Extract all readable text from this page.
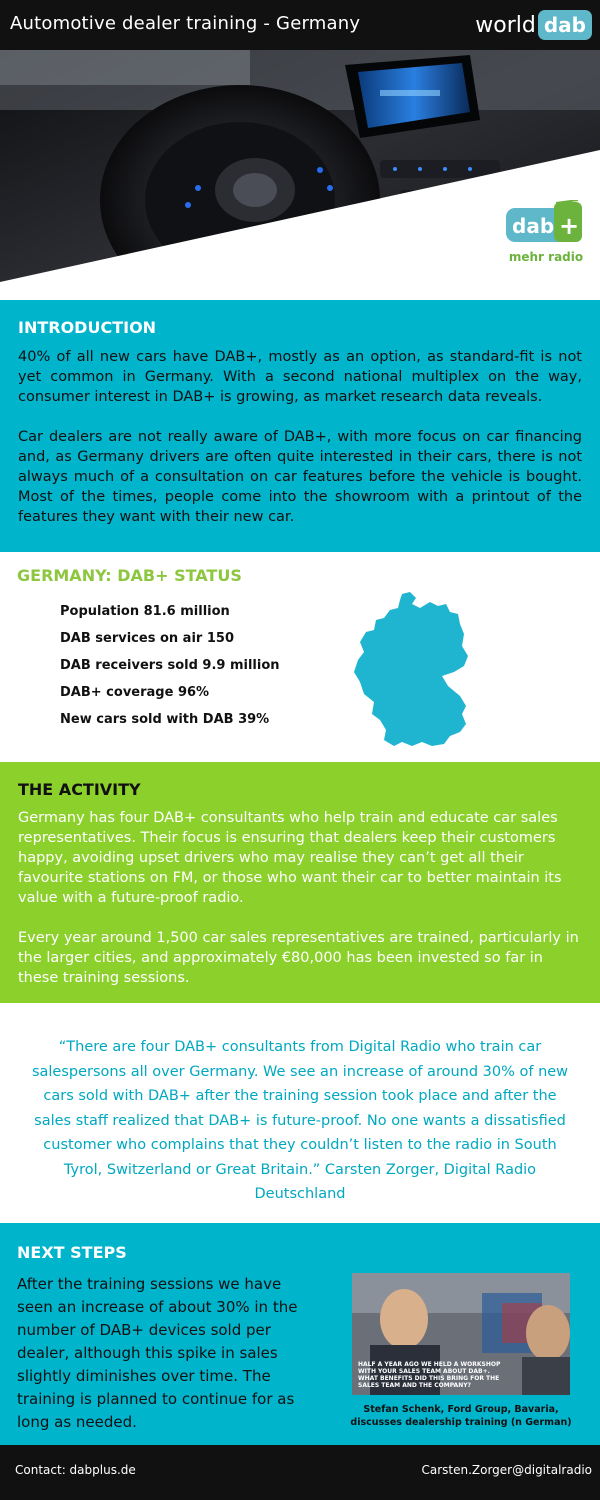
Automotive dealer training - Germany	world dab
dab +
mehr radio
INTRODUCTION

40% of all new cars have DAB+, mostly as an option, as standard-fit is not yet common in Germany. With a second national multiplex on the way, consumer interest in DAB+ is growing, as market research data reveals.

Car dealers are not really aware of DAB+, with more focus on car financing and, as Germany drivers are often quite interested in their cars, there is not always much of a consultation on car features before the vehicle is bought. Most of the times, people come into the showroom with a printout of the features they want with their new car.

GERMANY: DAB+ STATUS
Population 81.6 million
DAB services on air 150
DAB receivers sold 9.9 million
DAB+ coverage 96%
New cars sold with DAB 39%
THE ACTIVITY

Germany has four DAB+ consultants who help train and educate car sales representatives. Their focus is ensuring that dealers keep their customers happy, avoiding upset drivers who may realise they can’t get all their favourite stations on FM, or those who want their car to better maintain its value with a future-proof radio.

Every year around 1,500 car sales representatives are trained, particularly in the larger cities, and approximately €80,000 has been invested so far in these training sessions.

“There are four DAB+ consultants from Digital Radio who train car salespersons all over Germany. We see an increase of around 30% of new cars sold with DAB+ after the training session took place and after the sales staff realized that DAB+ is future-proof. No one wants a dissatisfied customer who complains that they couldn’t listen to the radio in South Tyrol, Switzerland or Great Britain.” Carsten Zorger, Digital Radio Deutschland

NEXT STEPS

After the training sessions we have seen an increase of about 30% in the number of DAB+ devices sold per dealer, although this spike in sales slightly diminishes over time. The training is planned to continue for as long as needed.

HALF A YEAR AGO WE HELD A WORKSHOP WITH YOUR SALES TEAM ABOUT DAB+. WHAT BENEFITS DID THIS BRING FOR THE SALES TEAM AND THE COMPANY?
Stefan Schenk, Ford Group, Bavaria, discusses dealership training (n German)
Contact: dabplus.de	Carsten.Zorger@digitalradio
